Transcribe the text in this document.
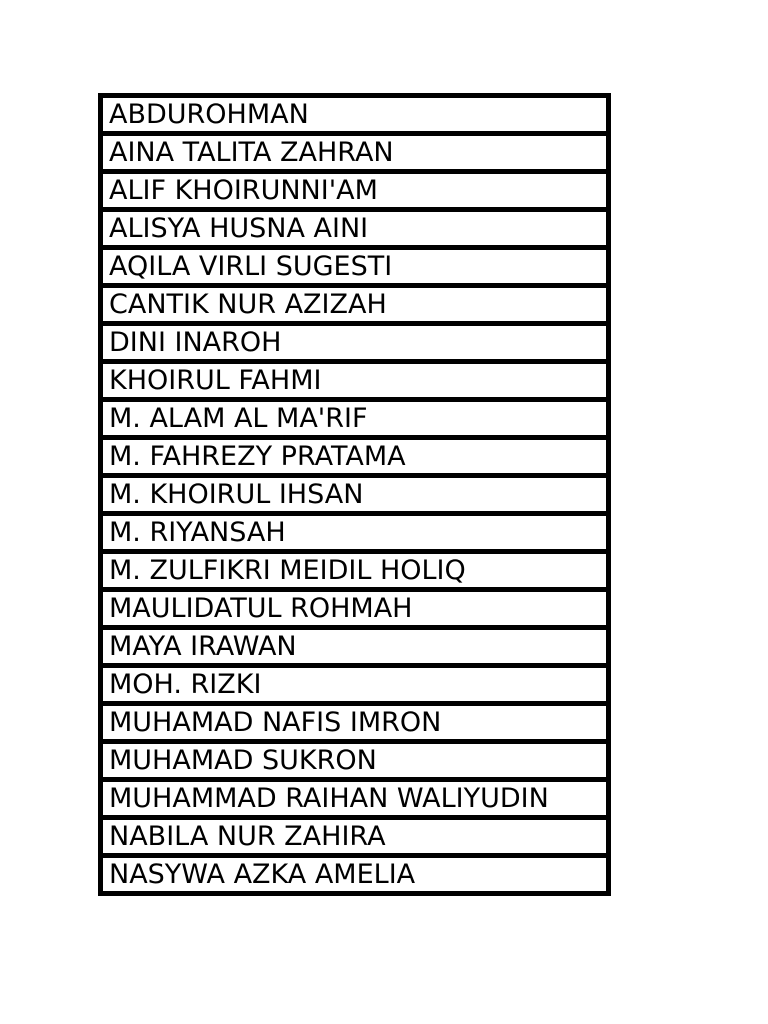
ABDUROHMAN
AINA TALITA ZAHRAN
ALIF KHOIRUNNI'AM
ALISYA HUSNA AINI
AQILA VIRLI SUGESTI
CANTIK NUR AZIZAH
DINI INAROH
KHOIRUL FAHMI
M. ALAM AL MA'RIF
M. FAHREZY PRATAMA
M. KHOIRUL IHSAN
M. RIYANSAH
M. ZULFIKRI MEIDIL HOLIQ
MAULIDATUL ROHMAH
MAYA IRAWAN
MOH. RIZKI
MUHAMAD NAFIS IMRON
MUHAMAD SUKRON
MUHAMMAD RAIHAN WALIYUDIN
NABILA NUR ZAHIRA
NASYWA AZKA AMELIA
